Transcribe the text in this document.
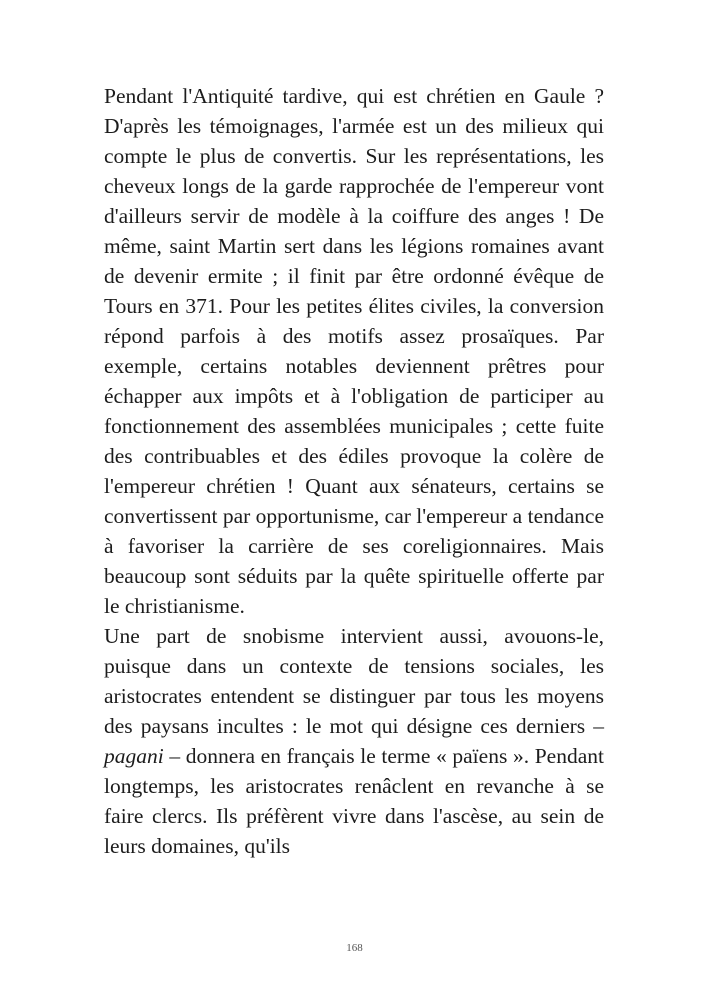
Pendant l'Antiquité tardive, qui est chrétien en Gaule ? D'après les témoignages, l'armée est un des milieux qui compte le plus de convertis. Sur les représentations, les cheveux longs de la garde rapprochée de l'empereur vont d'ailleurs servir de modèle à la coiffure des anges ! De même, saint Martin sert dans les légions romaines avant de devenir ermite ; il finit par être ordonné évêque de Tours en 371. Pour les petites élites civiles, la conversion répond parfois à des motifs assez prosaïques. Par exemple, certains notables deviennent prêtres pour échapper aux impôts et à l'obligation de participer au fonctionnement des assemblées municipales ; cette fuite des contribuables et des édiles provoque la colère de l'empereur chrétien ! Quant aux sénateurs, certains se convertissent par opportunisme, car l'empereur a tendance à favoriser la carrière de ses coreligionnaires. Mais beaucoup sont séduits par la quête spirituelle offerte par le christianisme.

Une part de snobisme intervient aussi, avouons-le, puisque dans un contexte de tensions sociales, les aristocrates entendent se distinguer par tous les moyens des paysans incultes : le mot qui désigne ces derniers – pagani – donnera en français le terme « païens ». Pendant longtemps, les aristocrates renâclent en revanche à se faire clercs. Ils préfèrent vivre dans l'ascèse, au sein de leurs domaines, qu'ils

168
